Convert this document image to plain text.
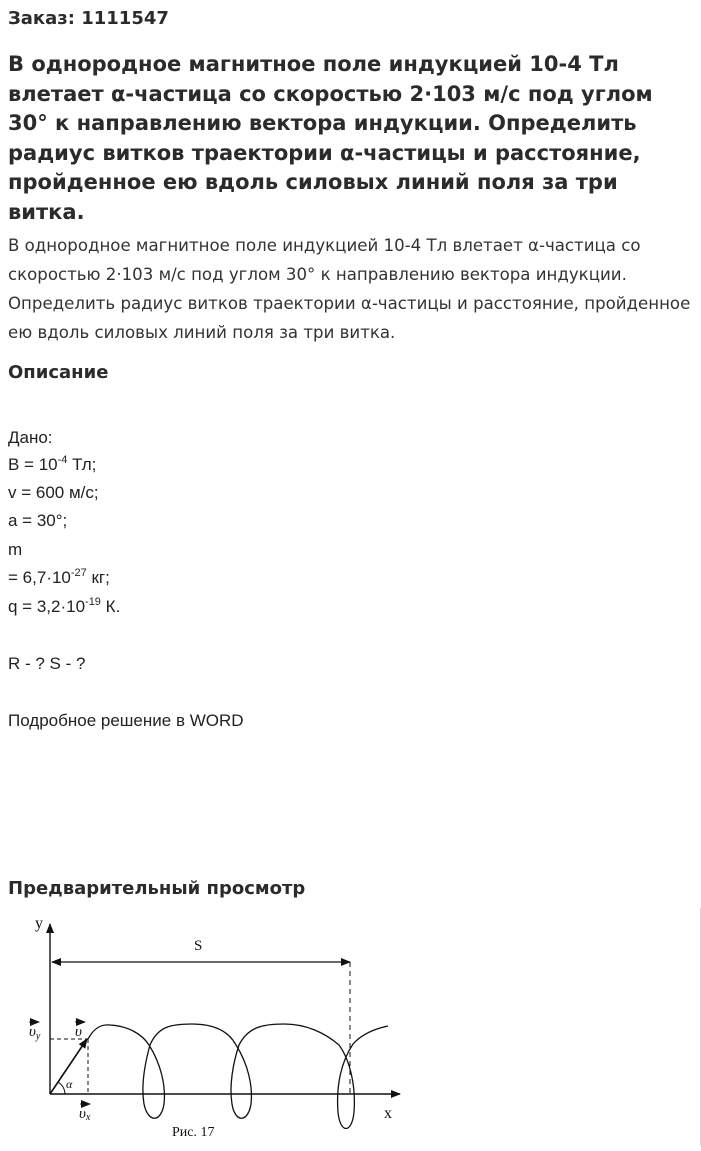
Заказ: 1111547
В однородное магнитное поле индукцией 10-4 Тл влетает α-частица со скоростью 2·103 м/с под углом 30° к направлению вектора индукции. Определить радиус витков траектории α-частицы и расстояние, пройденное ею вдоль силовых линий поля за три витка.

В однородное магнитное поле индукцией 10-4 Тл влетает α-частица со скоростью 2·103 м/с под углом 30° к направлению вектора индукции. Определить радиус витков траектории α-частицы и расстояние, пройденное ею вдоль силовых линий поля за три витка.

Описание
Дано:
$B = 10^{-4}$ Тл;
v = 600 м/с;
a = 30°;
m
= $6,7\cdot 10^{-27}$ кг;
$q = 3,2\cdot 10^{-19}$ К.
R - ? S - ?
Подробное решение в WORD
Предварительный просмотр
y
x
S
$\upsilon_y$ υ
υx
α
Рис. 17
